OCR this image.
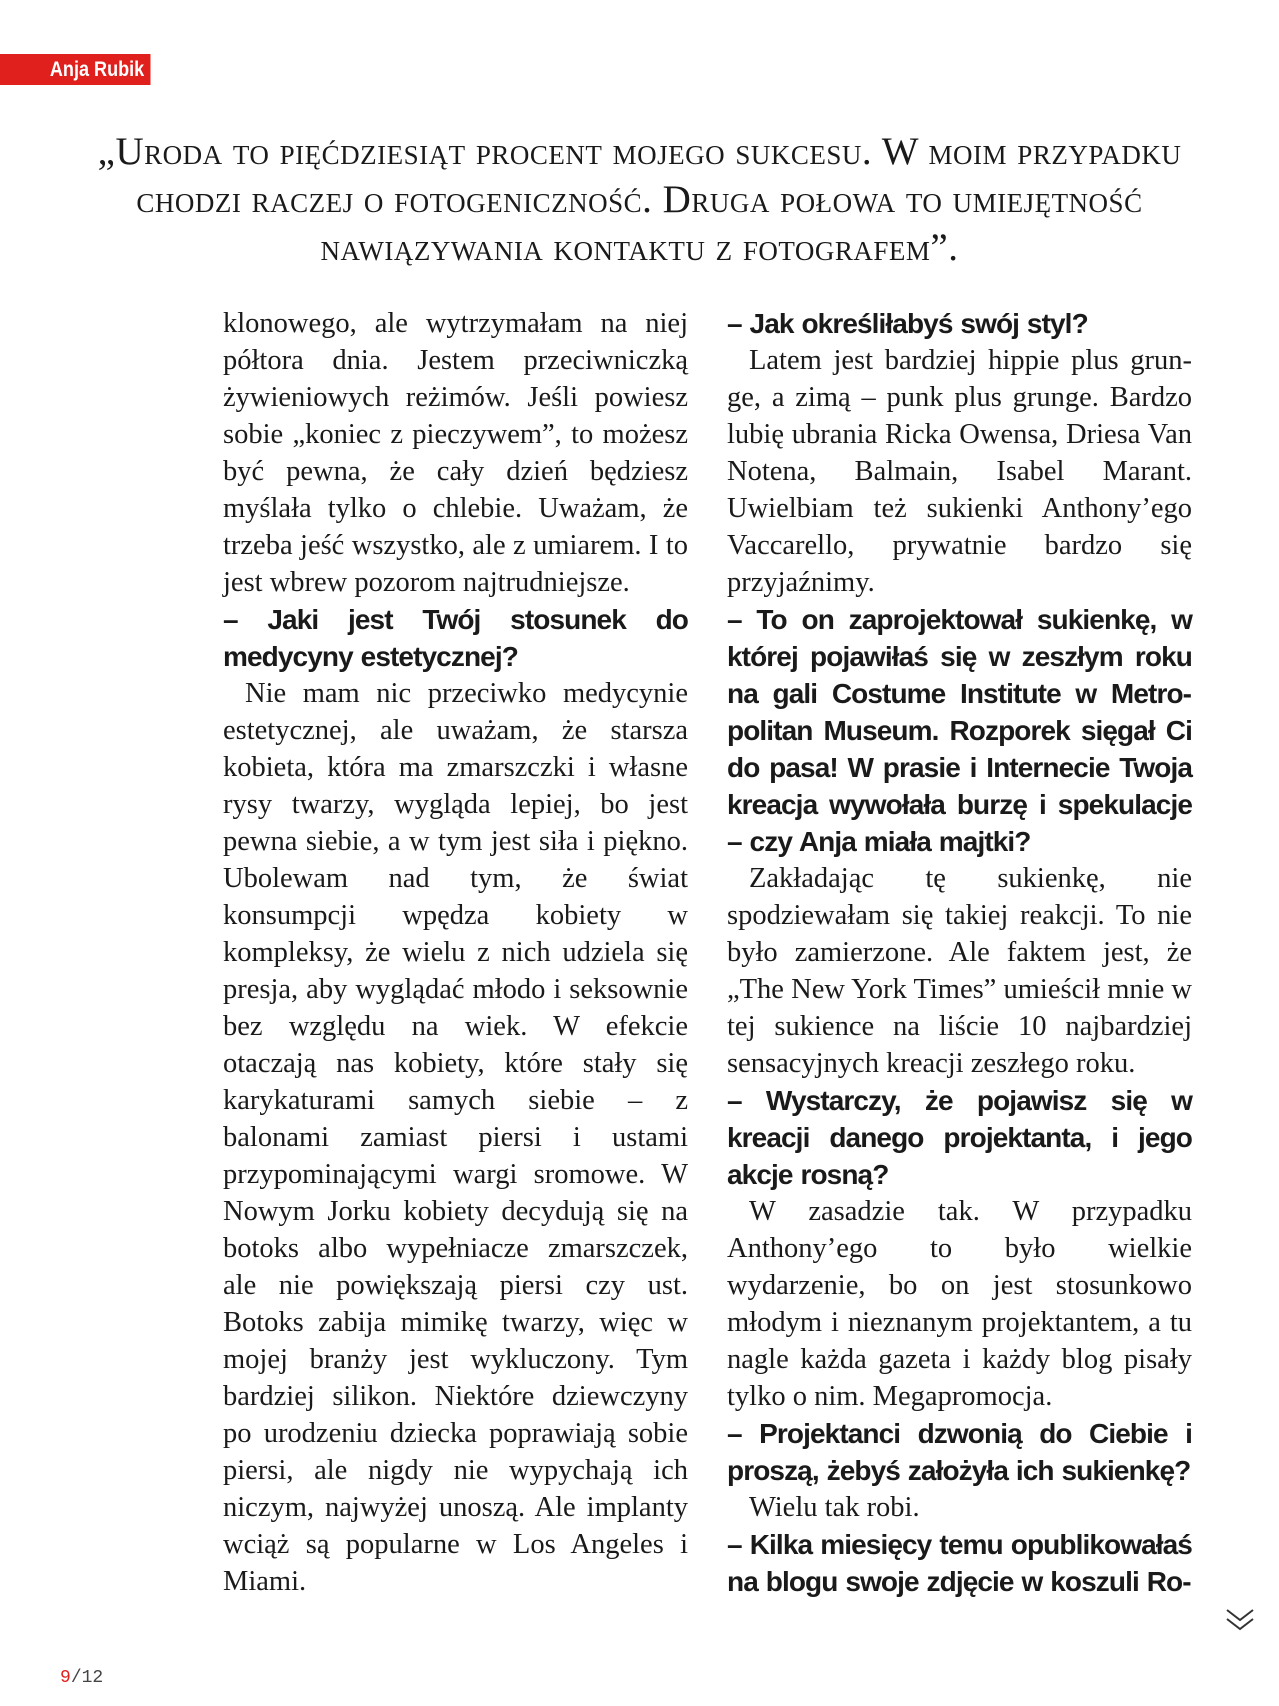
Anja Rubik

„Uroda to pięćdziesiąt procent mojego sukcesu. W moim przypadku chodzi raczej o fotogeniczność. Druga połowa to umiejętność nawiązywania kontaktu z fotografem”.

klonowego, ale wytrzymałam na niej półtora dnia. Jestem przeciwniczką żywieniowych reżimów. Jeśli powiesz sobie „koniec z pieczywem”, to możesz być pewna, że cały dzień będziesz myślała tylko o chlebie. Uważam, że trzeba jeść wszystko, ale z umiarem. I to jest wbrew pozorom najtrudniejsze.

– Jaki jest Twój stosunek do medycyny estetycznej?

Nie mam nic przeciwko medycynie estetycznej, ale uważam, że starsza kobieta, która ma zmarszczki i własne rysy twarzy, wygląda lepiej, bo jest pewna siebie, a w tym jest siła i piękno. Ubolewam nad tym, że świat konsumpcji wpędza kobiety w kompleksy, że wielu z nich udziela się presja, aby wyglądać młodo i seksownie bez względu na wiek. W efekcie otaczają nas kobiety, które stały się karykaturami samych siebie – z balonami zamiast piersi i ustami przypominającymi wargi sromowe. W Nowym Jorku kobiety decydują się na botoks albo wypełniacze zmarszczek, ale nie powiększają piersi czy ust. Botoks zabija mimikę twarzy, więc w mojej branży jest wykluczony. Tym bardziej silikon. Niektóre dziewczyny po urodzeniu dziecka poprawiają sobie piersi, ale nigdy nie wypychają ich niczym, najwyżej unoszą. Ale implanty wciąż są popularne w Los Angeles i Miami.

– Jak określiłabyś swój styl?

Latem jest bardziej hippie plus grunge, a zimą – punk plus grunge. Bardzo lubię ubrania Ricka Owensa, Driesa Van Notena, Balmain, Isabel Marant. Uwielbiam też sukienki Anthony’ego Vaccarello, prywatnie bardzo się przyjaźnimy.

– To on zaprojektował sukienkę, w której pojawiłaś się w zeszłym roku na gali Costume Institute w Metropolitan Museum. Rozporek sięgał Ci do pasa! W prasie i Internecie Twoja kreacja wywołała burzę i spekulacje – czy Anja miała majtki?

Zakładając tę sukienkę, nie spodziewałam się takiej reakcji. To nie było zamierzone. Ale faktem jest, że „The New York Times” umieścił mnie w tej sukience na liście 10 najbardziej sensacyjnych kreacji zeszłego roku.

– Wystarczy, że pojawisz się w kreacji danego projektanta, i jego akcje rosną?

W zasadzie tak. W przypadku Anthony’ego to było wielkie wydarzenie, bo on jest stosunkowo młodym i nieznanym projektantem, a tu nagle każda gazeta i każdy blog pisały tylko o nim. Megapromocja.

– Projektanci dzwonią do Ciebie i proszą, żebyś założyła ich sukienkę?

Wielu tak robi.

– Kilka miesięcy temu opublikowałaś na blogu swoje zdjęcie w koszuli Ro-

9/12
